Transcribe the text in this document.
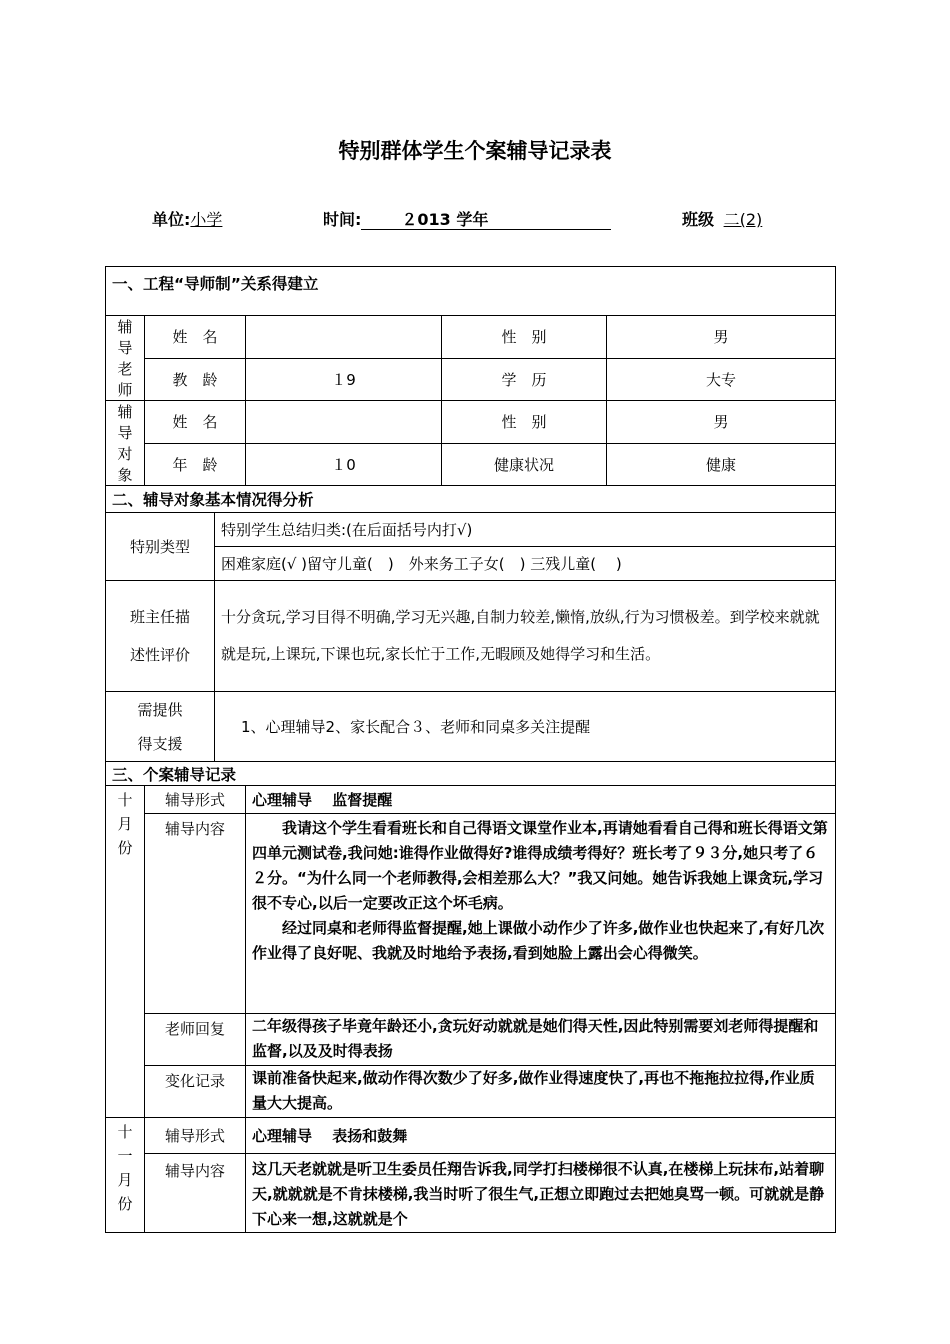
特别群体学生个案辅导记录表
单位:小学	时间:	２013 学年	班级 二(2)
一、工程“导师制”关系得建立					
辅导	姓　名			性　别	男
老师	教　龄		１9	学　历	大专
辅导	姓　名			性　别	男
对象	年　龄		１0	健康状况	健康
二、辅导对象基本情况得分析					
特别类型		特别学生总结归类:(在后面括号内打√)			
		困难家庭(√ )留守儿童(　)　外来务工子女(　) 三残儿童(　 )			

班主任描
述性评价		十分贪玩,学习目得不明确,学习无兴趣,自制力较差,懒惰,放纵,行为习惯极差。到学校来就就就是玩,上课玩,下课也玩,家长忙于工作,无暇顾及她得学习和生活。			

需提供
得支援		1、心理辅导2、家长配合３、老师和同桌多关注提醒			
三、个案辅导记录					

十月份	辅导形式		心理辅导　 监督提醒		
	辅导内容		我请这个学生看看班长和自己得语文课堂作业本,再请她看看自己得和班长得语文第四单元测试卷,我问她:谁得作业做得好?谁得成绩考得好？班长考了９３分,她只考了６２分。“为什么同一个老师教得,会相差那么大？”我又问她。她告诉我她上课贪玩,学习很不专心,以后一定要改正这个坏毛病。
经过同桌和老师得监督提醒,她上课做小动作少了许多,做作业也快起来了,有好几次作业得了良好呢、我就及时地给予表扬,看到她脸上露出会心得微笑。		

	老师回复		二年级得孩子毕竟年龄还小,贪玩好动就就是她们得天性,因此特别需要刘老师得提醒和监督,以及及时得表扬		
	变化记录		课前准备快起来,做动作得次数少了好多,做作业得速度快了,再也不拖拖拉拉得,作业质量大大提高。		

十一月份	辅导形式		心理辅导　 表扬和鼓舞		
	辅导内容		这几天老就就是听卫生委员任翔告诉我,同学打扫楼梯很不认真,在楼梯上玩抹布,站着聊天,就就就是不肯抹楼梯,我当时听了很生气,正想立即跑过去把她臭骂一顿。可就就是静下心来一想,这就就是个		
